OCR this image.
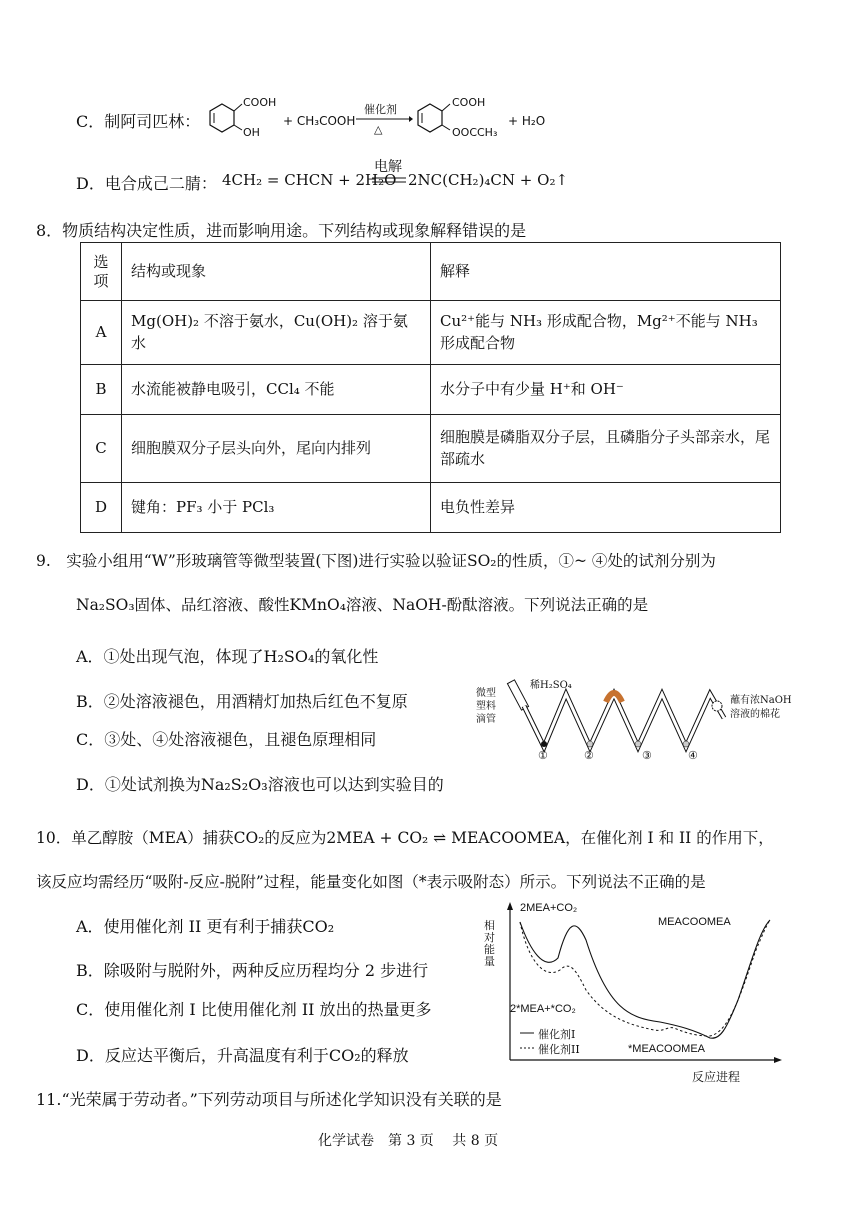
C．制阿司匹林：
COOH
OH
+ CH₃COOH
催化剂
△
COOH
OOCCH₃
+ H₂O
D．电合成己二腈： 4CH₂ = CHCN + 2H₂O
电解
2NC(CH₂)₄CN + O₂↑
8．物质结构决定性质，进而影响用途。下列结构或现象解释错误的是
选项	结构或现象	解释
A	Mg(OH)₂ 不溶于氨水，Cu(OH)₂ 溶于氨水	Cu²⁺能与 NH₃ 形成配合物，Mg²⁺不能与 NH₃ 形成配合物
B	水流能被静电吸引，CCl₄ 不能	水分子中有少量 H⁺和 OH⁻
C	细胞膜双分子层头向外，尾向内排列	细胞膜是磷脂双分子层，且磷脂分子头部亲水，尾部疏水
D	键角：PF₃ 小于 PCl₃	电负性差异
9.　实验小组用“W”形玻璃管等微型装置(下图)进行实验以验证SO₂的性质，①~ ④处的试剂分别为
Na₂SO₃固体、品红溶液、酸性KMnO₄溶液、NaOH-酚酞溶液。下列说法正确的是
A．①处出现气泡，体现了H₂SO₄的氧化性
B．②处溶液褪色，用酒精灯加热后红色不复原
C．③处、④处溶液褪色，且褪色原理相同
D．①处试剂换为Na₂S₂O₃溶液也可以达到实验目的
微型
塑料
滴管
稀H₂SO₄
蘸有浓NaOH
溶液的棉花
①	②	③	④
10．单乙醇胺（MEA）捕获CO₂的反应为2MEA + CO₂ ⇌ MEACOOMEA，在催化剂 I 和 II 的作用下，
该反应均需经历“吸附-反应-脱附”过程，能量变化如图（*表示吸附态）所示。下列说法不正确的是
A．使用催化剂 II 更有利于捕获CO₂
B．除吸附与脱附外，两种反应历程均分 2 步进行
C．使用催化剂 I 比使用催化剂 II 放出的热量更多
D．反应达平衡后，升高温度有利于CO₂的释放
相对能量
反应进程
2MEA+CO₂
2*MEA+*CO₂
MEACOOMEA
*MEACOOMEA
催化剂I
催化剂II
11.“光荣属于劳动者。”下列劳动项目与所述化学知识没有关联的是
化学试卷　第 3 页　 共 8 页
